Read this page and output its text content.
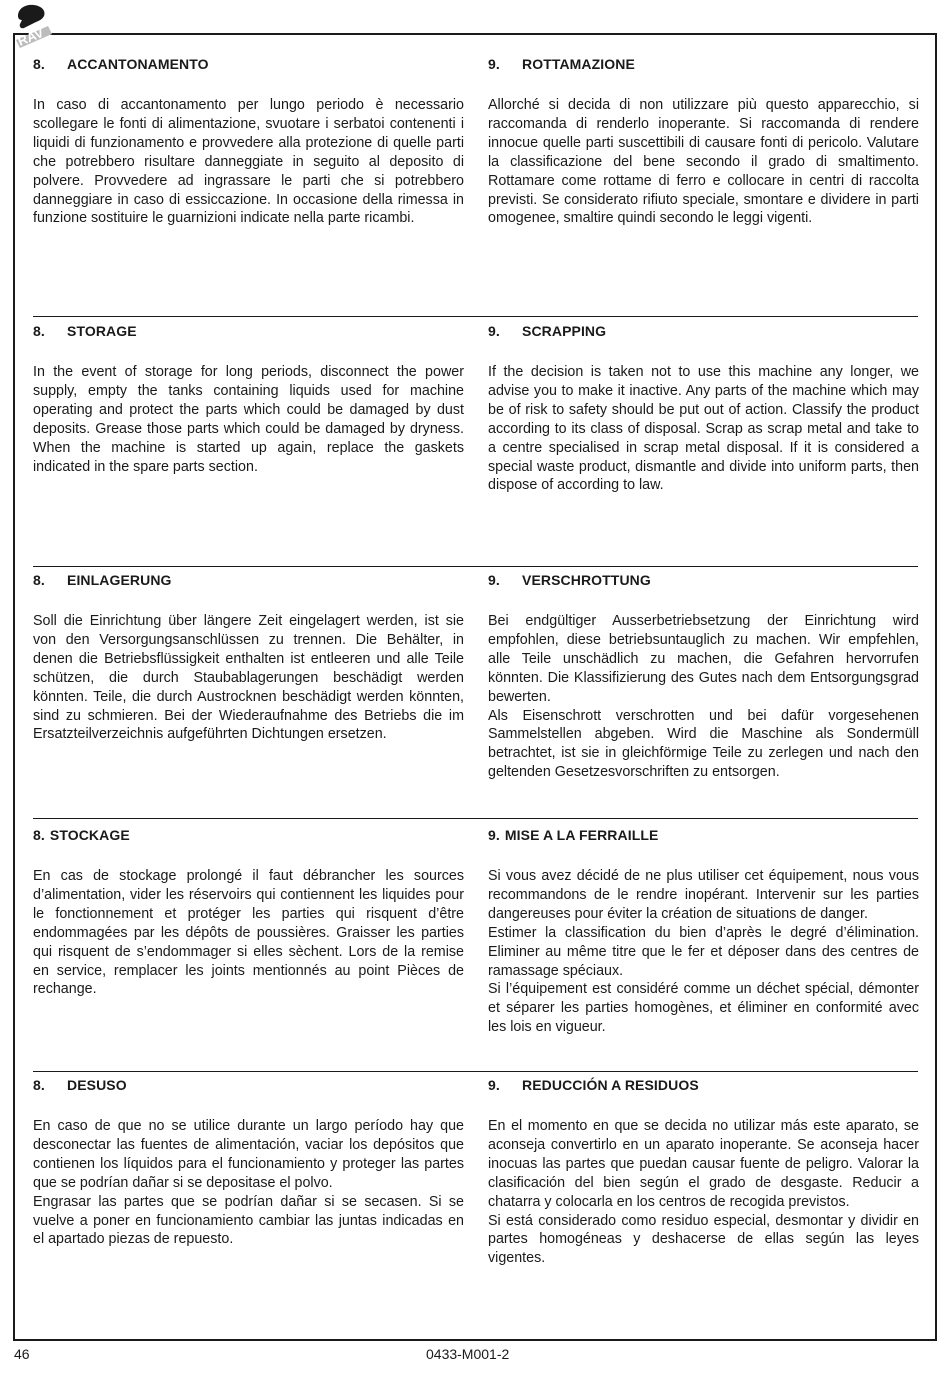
RAV
8. ACCANTONAMENTO

In caso di accantonamento per lungo periodo è necessario scollegare le fonti di alimentazione, svuotare i serbatoi contenenti i liquidi di funzionamento e provvedere alla protezione di quelle parti che potrebbero risultare danneggiate in seguito al deposito di polvere. Provvedere ad ingrassare le parti che si potrebbero danneggiare in caso di essiccazione. In occasione della rimessa in funzione sostituire le guarnizioni indicate nella parte ricambi.

9. ROTTAMAZIONE

Allorché si decida di non utilizzare più questo apparecchio, si raccomanda di renderlo inoperante. Si raccomanda di rendere innocue quelle parti suscettibili di causare fonti di pericolo. Valutare la classificazione del bene secondo il grado di smaltimento. Rottamare come rottame di ferro e collocare in centri di raccolta previsti. Se considerato rifiuto speciale, smontare e dividere in parti omogenee, smaltire quindi secondo le leggi vigenti.

8. STORAGE

In the event of storage for long periods, disconnect the power supply, empty the tanks containing liquids used for machine operating and protect the parts which could be damaged by dust deposits. Grease those parts which could be damaged by dryness. When the machine is started up again, replace the gaskets indicated in the spare parts section.

9. SCRAPPING

If the decision is taken not to use this machine any longer, we advise you to make it inactive. Any parts of the machine which may be of risk to safety should be put out of action. Classify the product according to its class of disposal. Scrap as scrap metal and take to a centre specialised in scrap metal disposal. If it is considered a special waste product, dismantle and divide into uniform parts, then dispose of according to law.

8. EINLAGERUNG

Soll die Einrichtung über längere Zeit eingelagert werden, ist sie von den Versorgungsanschlüssen zu trennen. Die Behälter, in denen die Betriebsflüssigkeit enthalten ist entleeren und alle Teile schützen, die durch Staubablagerungen beschädigt werden könnten. Teile, die durch Austrocknen beschädigt werden könnten, sind zu schmieren. Bei der Wiederaufnahme des Betriebs die im Ersatzteilverzeichnis aufgeführten Dichtungen ersetzen.

9. VERSCHROTTUNG

Bei endgültiger Ausserbetriebsetzung der Einrichtung wird empfohlen, diese betriebsuntauglich zu machen. Wir empfehlen, alle Teile unschädlich zu machen, die Gefahren hervorrufen könnten. Die Klassifizierung des Gutes nach dem Entsorgungsgrad bewerten.

Als Eisenschrott verschrotten und bei dafür vorgesehenen Sammelstellen abgeben. Wird die Maschine als Sondermüll betrachtet, ist sie in gleichförmige Teile zu zerlegen und nach den geltenden Gesetzesvorschriften zu entsorgen.

8. STOCKAGE

En cas de stockage prolongé il faut débrancher les sources d’alimentation, vider les réservoirs qui contiennent les liquides pour le fonctionnement et protéger les parties qui risquent d’être endommagées par les dépôts de poussières. Graisser les parties qui risquent de s’endommager si elles sèchent. Lors de la remise en service, remplacer les joints mentionnés au point Pièces de rechange.

9. MISE A LA FERRAILLE

Si vous avez décidé de ne plus utiliser cet équipement, nous vous recommandons de le rendre inopérant. Intervenir sur les parties dangereuses pour éviter la création de situations de danger.

Estimer la classification du bien d’après le degré d’élimination. Eliminer au même titre que le fer et déposer dans des centres de ramassage spéciaux.

Si l’équipement est considéré comme un déchet spécial, démonter et séparer les parties homogènes, et éliminer en conformité avec les lois en vigueur.

8. DESUSO

En caso de que no se utilice durante un largo período hay que desconectar las fuentes de alimentación, vaciar los depósitos que contienen los líquidos para el funcionamiento y proteger las partes que se podrían dañar si se depositase el polvo.

Engrasar las partes que se podrían dañar si se secasen. Si se vuelve a poner en funcionamiento cambiar las juntas indicadas en el apartado piezas de repuesto.

9. REDUCCIÓN A RESIDUOS

En el momento en que se decida no utilizar más este aparato, se aconseja convertirlo en un aparato inoperante. Se aconseja hacer inocuas las partes que puedan causar fuente de peligro. Valorar la clasificación del bien según el grado de desgaste. Reducir a chatarra y colocarla en los centros de recogida previstos.

Si está considerado como residuo especial, desmontar y dividir en partes homogéneas y deshacerse de ellas según las leyes vigentes.

46	0433-M001-2
